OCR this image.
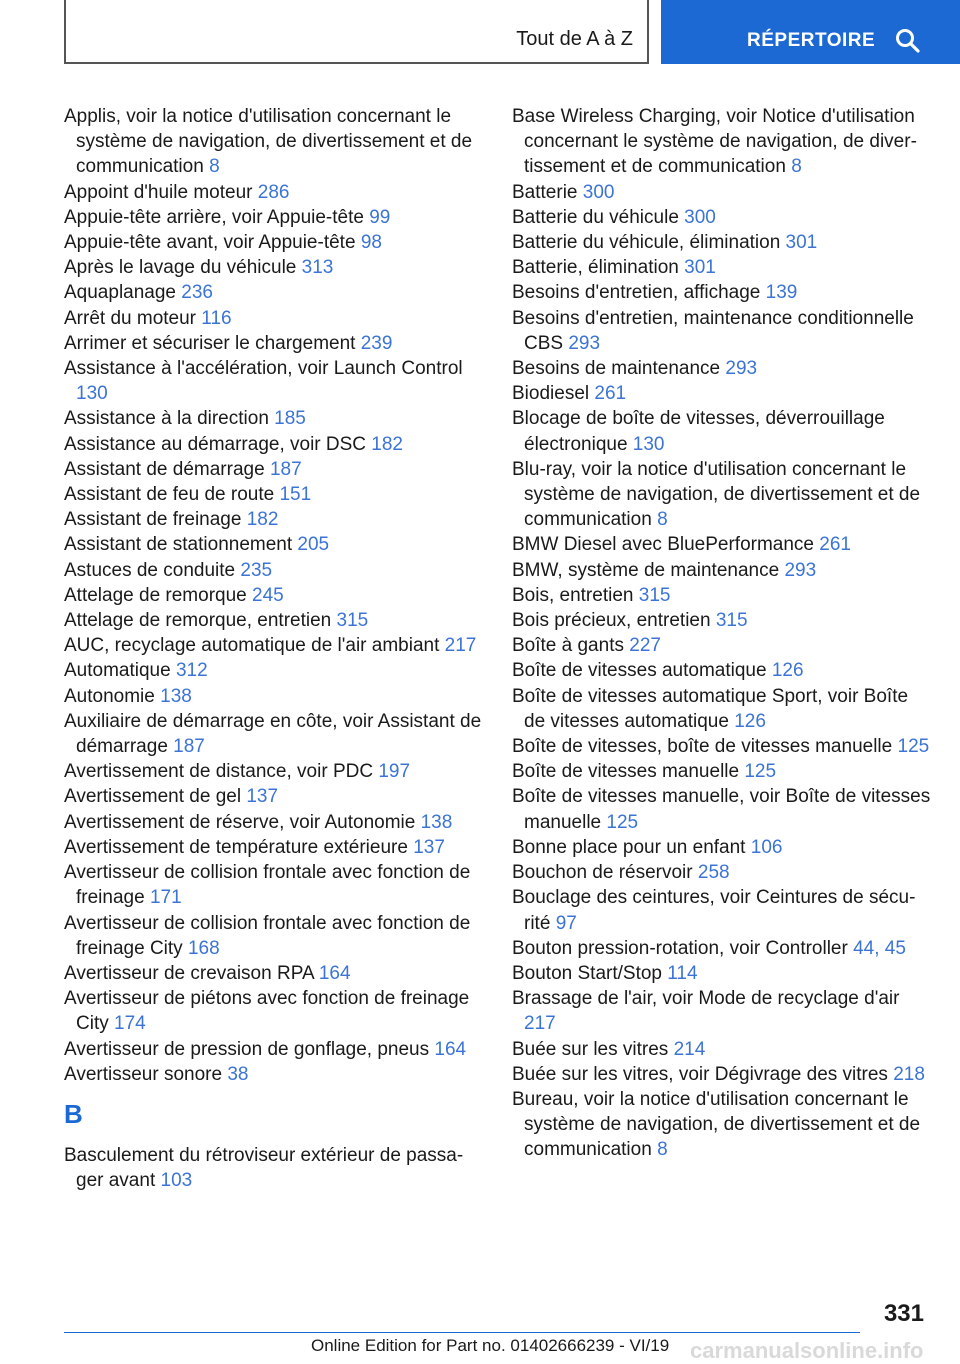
Tout de A à Z	RÉPERTOIRE
Applis, voir la notice d'utilisation concernant le système de navigation, de divertissement et de communication 8
Appoint d'huile moteur 286
Appuie-tête arrière, voir Appuie-tête 99
Appuie-tête avant, voir Appuie-tête 98
Après le lavage du véhicule 313
Aquaplanage 236
Arrêt du moteur 116
Arrimer et sécuriser le chargement 239
Assistance à l'accélération, voir Launch Control 130
Assistance à la direction 185
Assistance au démarrage, voir DSC 182
Assistant de démarrage 187
Assistant de feu de route 151
Assistant de freinage 182
Assistant de stationnement 205
Astuces de conduite 235
Attelage de remorque 245
Attelage de remorque, entretien 315
AUC, recyclage automatique de l'air ambiant 217
Automatique 312
Autonomie 138
Auxiliaire de démarrage en côte, voir Assistant de démarrage 187
Avertissement de distance, voir PDC 197
Avertissement de gel 137
Avertissement de réserve, voir Autonomie 138
Avertissement de température extérieure 137
Avertisseur de collision frontale avec fonction de freinage 171
Avertisseur de collision frontale avec fonction de freinage City 168
Avertisseur de crevaison RPA 164
Avertisseur de piétons avec fonction de freinage City 174
Avertisseur de pression de gonflage, pneus 164
Avertisseur sonore 38
B
Basculement du rétroviseur extérieur de passager avant 103
Base Wireless Charging, voir Notice d'utilisation concernant le système de navigation, de divertissement et de communication 8
Batterie 300
Batterie du véhicule 300
Batterie du véhicule, élimination 301
Batterie, élimination 301
Besoins d'entretien, affichage 139
Besoins d'entretien, maintenance conditionnelle CBS 293
Besoins de maintenance 293
Biodiesel 261
Blocage de boîte de vitesses, déverrouillage électronique 130
Blu-ray, voir la notice d'utilisation concernant le système de navigation, de divertissement et de communication 8
BMW Diesel avec BluePerformance 261
BMW, système de maintenance 293
Bois, entretien 315
Bois précieux, entretien 315
Boîte à gants 227
Boîte de vitesses automatique 126
Boîte de vitesses automatique Sport, voir Boîte de vitesses automatique 126
Boîte de vitesses, boîte de vitesses manuelle 125
Boîte de vitesses manuelle 125
Boîte de vitesses manuelle, voir Boîte de vitesses manuelle 125
Bonne place pour un enfant 106
Bouchon de réservoir 258
Bouclage des ceintures, voir Ceintures de sécurité 97
Bouton pression-rotation, voir Controller 44, 45
Bouton Start/Stop 114
Brassage de l'air, voir Mode de recyclage d'air 217
Buée sur les vitres 214
Buée sur les vitres, voir Dégivrage des vitres 218
Bureau, voir la notice d'utilisation concernant le système de navigation, de divertissement et de communication 8
331
Online Edition for Part no. 01402666239 - VI/19 carmanualsonline.info
